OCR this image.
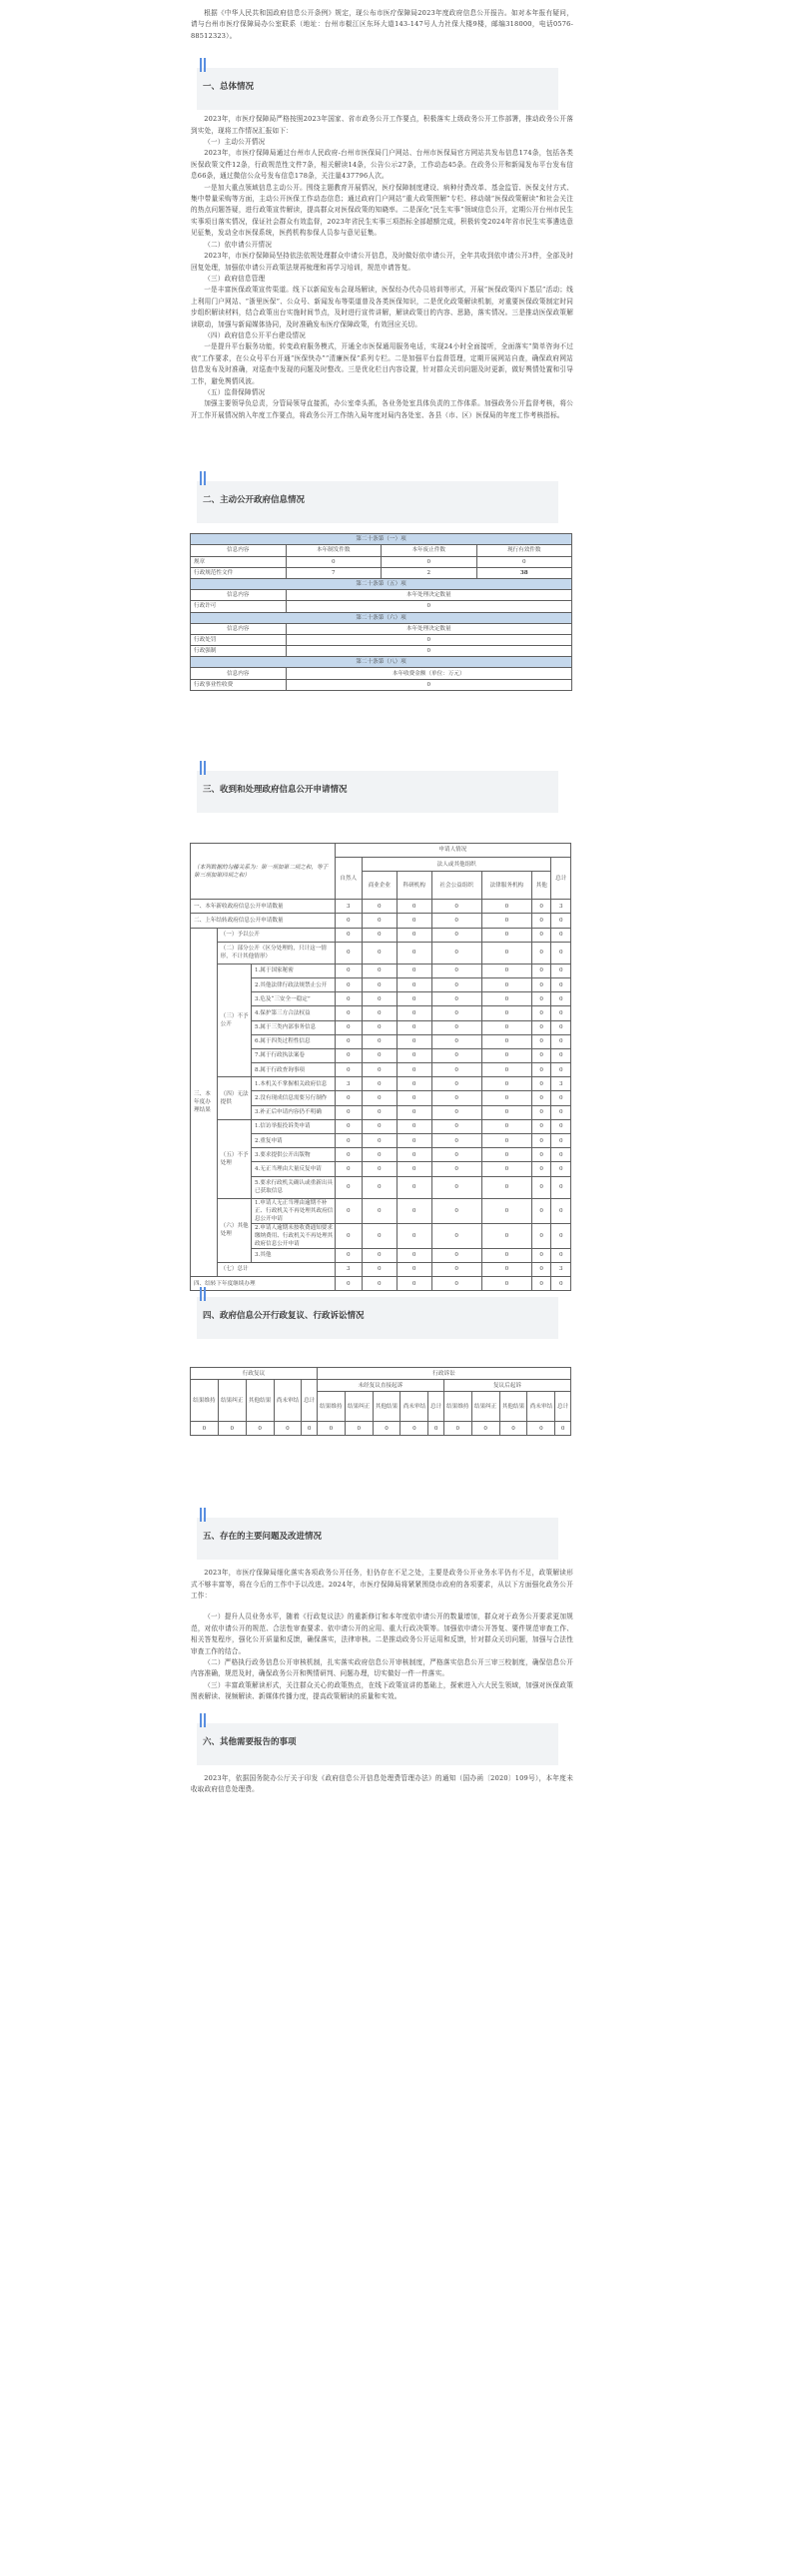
根据《中华人民共和国政府信息公开条例》规定，现公布市医疗保障局2023年度政府信息公开报告。如对本年报有疑问，请与台州市医疗保障局办公室联系（地址：台州市椒江区东环大道143-147号人力社保大楼9楼，邮编318000，电话0576-88512323）。

一、总体情况

2023年，市医疗保障局严格按照2023年国家、省市政务公开工作要点，积极落实上级政务公开工作部署，推动政务公开落到实处，现将工作情况汇报如下：

（一）主动公开情况

2023年，市医疗保障局通过台州市人民政府-台州市医保局门户网站、台州市医保局官方网站共发布信息174条，包括各类医保政策文件12条，行政规范性文件7条，相关解读14条，公告公示27条，工作动态45条。在政务公开和新闻发布平台发布信息66条，通过微信公众号发布信息178条，关注量437796人次。

一是加大重点领域信息主动公开。围绕主题教育开展情况，医疗保障制度建设、病种付费改革、基金监管、医保支付方式、集中带量采购等方面，主动公开医保工作动态信息；通过政府门户网站“重大政策图解”专栏、移动端“医保政策解读”和社会关注的热点问题答疑，进行政策宣传解读，提高群众对医保政策的知晓率。二是深化“民生实事”领域信息公开，定期公开台州市民生实事项目落实情况，保证社会群众有效监督，2023年省民生实事三项指标全部超额完成，积极转变2024年省市民生实事遴选意见征集，发动全市医保系统，医药机构参保人员参与意见征集。

（二）依申请公开情况

2023年，市医疗保障局坚持依法依规处理群众申请公开信息，及时做好依申请公开，全年共收到依申请公开3件，全部及时回复处理，加强依申请公开政策法规再梳理和再学习培训，规范申请答复。

（三）政府信息管理

一是丰富医保政策宣传渠道。线下以新闻发布会现场解读，医保经办代办员培训等形式，开展“医保政策四下基层”活动；线上利用门户网站、“浙里医保”、公众号、新闻发布等渠道普及各类医保知识，二是优化政策解读机制，对重要医保政策制定时同步组织解读材料，结合政策出台实施时间节点，及时进行宣传讲解，解读政策目的内容、思路，落实情况。三是推动医保政策解读联动，加强与新闻媒体协同，及时准确发布医疗保障政策，有效回应关切。

（四）政府信息公开平台建设情况

一是提升平台服务功能，转变政府服务模式，开通全市医保通用服务电话，实现24小时全面接听，全面落实“简单咨询不过夜”工作要求，在公众号平台开通“医保快办”“清廉医保”系列专栏。二是加强平台监督管理，定期开展网站自查，确保政府网站信息发布及时准确，对巡查中发现的问题及时整改。三是优化栏目内容设置，针对群众关切问题及时更新，做好舆情处置和引导工作，避免舆情风波。

（五）监督保障情况

加强主要领导负总责，分管局领导直接抓，办公室牵头抓，各业务处室具体负责的工作体系。加强政务公开监督考核，将公开工作开展情况纳入年度工作要点，将政务公开工作纳入局年度对局内各处室、各县（市、区）医保局的年度工作考核指标。

二、主动公开政府信息情况
第二十条第（一）项			
信息内容	本年制发件数	本年废止件数	现行有效件数
规章	0	0	0
行政规范性文件	7	2	38
第二十条第（五）项			
信息内容	本年处理决定数量		
行政许可	0		
第二十条第（六）项			
信息内容	本年处理决定数量		
行政处罚	0		
行政强制	0		
第二十条第（八）项			
信息内容	本年收费金额（单位：万元）		
行政事业性收费	0		
三、收到和处理政府信息公开申请情况
（本列数据的勾稽关系为：第一项加第二项之和，等于第三项加第四项之和）			申请人情况						
			自然人	法人或其他组织					总计
				商业企业	科研机构	社会公益组织	法律服务机构	其他	
一、本年新收政府信息公开申请数量			3	0	0	0	0	0	3
二、上年结转政府信息公开申请数量			0	0	0	0	0	0	0
三、本年度办理结果	（一）予以公开		0	0	0	0	0	0	0
	（二）部分公开（区分处理的，只计这一情形，不计其他情形）		0	0	0	0	0	0	0
	（三）不予公开	1.属于国家秘密	0	0	0	0	0	0	0
		2.其他法律行政法规禁止公开	0	0	0	0	0	0	0
		3.危及“三安全一稳定”	0	0	0	0	0	0	0
		4.保护第三方合法权益	0	0	0	0	0	0	0
		5.属于三类内部事务信息	0	0	0	0	0	0	0
		6.属于四类过程性信息	0	0	0	0	0	0	0
		7.属于行政执法案卷	0	0	0	0	0	0	0
		8.属于行政查询事项	0	0	0	0	0	0	0
	（四）无法提供	1.本机关不掌握相关政府信息	3	0	0	0	0	0	3
		2.没有现成信息需要另行制作	0	0	0	0	0	0	0
		3.补正后申请内容仍不明确	0	0	0	0	0	0	0
	（五）不予处理	1.信访举报投诉类申请	0	0	0	0	0	0	0
		2.重复申请	0	0	0	0	0	0	0
		3.要求提供公开出版物	0	0	0	0	0	0	0
		4.无正当理由大量反复申请	0	0	0	0	0	0	0
		5.要求行政机关确认或重新出具已获取信息	0	0	0	0	0	0	0
	（六）其他处理	1.申请人无正当理由逾期不补正、行政机关不再处理其政府信息公开申请	0	0	0	0	0	0	0
		2.申请人逾期未按收费通知要求缴纳费用、行政机关不再处理其政府信息公开申请	0	0	0	0	0	0	0
		3.其他	0	0	0	0	0	0	0
	（七）总计		3	0	0	0	0	0	3
四、结转下年度继续办理			0	0	0	0	0	0	0
四、政府信息公开行政复议、行政诉讼情况
行政复议					行政诉讼									
结果维持	结果纠正	其他结果	尚未审结	总计	未经复议直接起诉					复议后起诉				
					结果维持	结果纠正	其他结果	尚未审结	总计	结果维持	结果纠正	其他结果	尚未审结	总计
0	0	0	0	0	0	0	0	0	0	0	0	0	0	0
五、存在的主要问题及改进情况

2023年，市医疗保障局细化落实各项政务公开任务，但仍存在不足之处，主要是政务公开业务水平仍有不足，政策解读形式不够丰富等，将在今后的工作中予以改进。2024年，市医疗保障局将紧紧围绕市政府的各项要求，从以下方面强化政务公开工作：

（一）提升人员业务水平，随着《行政复议法》的重新修订和本年度依申请公开的数量增加，群众对于政务公开要求更加规范，对依申请公开的规范、合法性审查要求、依申请公开的应用、重大行政决策等。加强依申请公开答复、要件规范审查工作、相关答复程序，强化公开质量和反馈，确保落实，法律审核。二是推动政务公开运用和反馈，针对群众关切问题，加强与合法性审查工作的结合。

（二）严格执行政务信息公开审核机制，扎实落实政府信息公开审核制度，严格落实信息公开三审三校制度，确保信息公开内容准确，规范及时，确保政务公开和舆情研判、问题办理，切实做好一件一件落实。

（三）丰富政策解读形式，关注群众关心的政策热点，在线下政策宣讲的基础上，探索进入六大民生领域，加强对医保政策图表解读、视频解读、新媒体传播力度，提高政策解读的质量和实效。

六、其他需要报告的事项

2023年，依据国务院办公厅关于印发《政府信息公开信息处理费管理办法》的通知（国办函〔2020〕109号），本年度未收取政府信息处理费。
